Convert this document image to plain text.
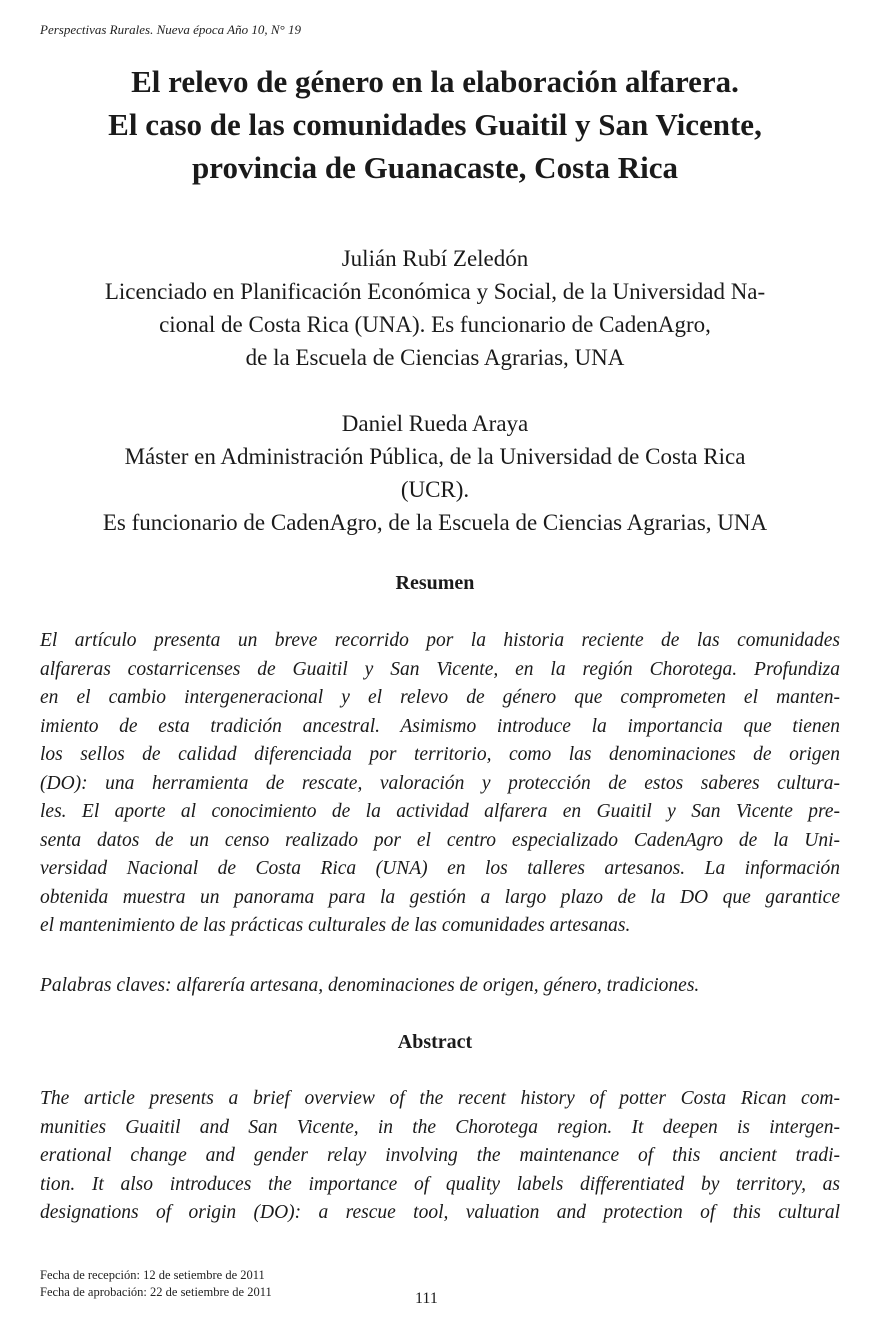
Perspectivas Rurales. Nueva época Año 10, N° 19
El relevo de género en la elaboración alfarera.
El caso de las comunidades Guaitil y San Vicente,
provincia de Guanacaste, Costa Rica
Julián Rubí Zeledón
Licenciado en Planificación Económica y Social, de la Universidad Na-
cional de Costa Rica (UNA). Es funcionario de CadenAgro,
de la Escuela de Ciencias Agrarias, UNA
Daniel Rueda Araya
Máster en Administración Pública, de la Universidad de Costa Rica
(UCR).
Es funcionario de CadenAgro, de la Escuela de Ciencias Agrarias, UNA
Resumen

El artículo presenta un breve recorrido por la historia reciente de las comunidades
alfareras costarricenses de Guaitil y San Vicente, en la región Chorotega. Profundiza
en el cambio intergeneracional y el relevo de género que comprometen el manten-
imiento de esta tradición ancestral. Asimismo introduce la importancia que tienen
los sellos de calidad diferenciada por territorio, como las denominaciones de origen
(DO): una herramienta de rescate, valoración y protección de estos saberes cultura-
les. El aporte al conocimiento de la actividad alfarera en Guaitil y San Vicente pre-
senta datos de un censo realizado por el centro especializado CadenAgro de la Uni-
versidad Nacional de Costa Rica (UNA) en los talleres artesanos. La información
obtenida muestra un panorama para la gestión a largo plazo de la DO que garantice
el mantenimiento de las prácticas culturales de las comunidades artesanas.

Palabras claves: alfarería artesana, denominaciones de origen, género, tradiciones.

Abstract

The article presents a brief overview of the recent history of potter Costa Rican com-
munities Guaitil and San Vicente, in the Chorotega region. It deepen is intergen-
erational change and gender relay involving the maintenance of this ancient tradi-
tion. It also introduces the importance of quality labels differentiated by territory, as
designations of origin (DO): a rescue tool, valuation and protection of this cultural

Fecha de recepción: 12 de setiembre de 2011
Fecha de aprobación: 22 de setiembre de 2011	111
